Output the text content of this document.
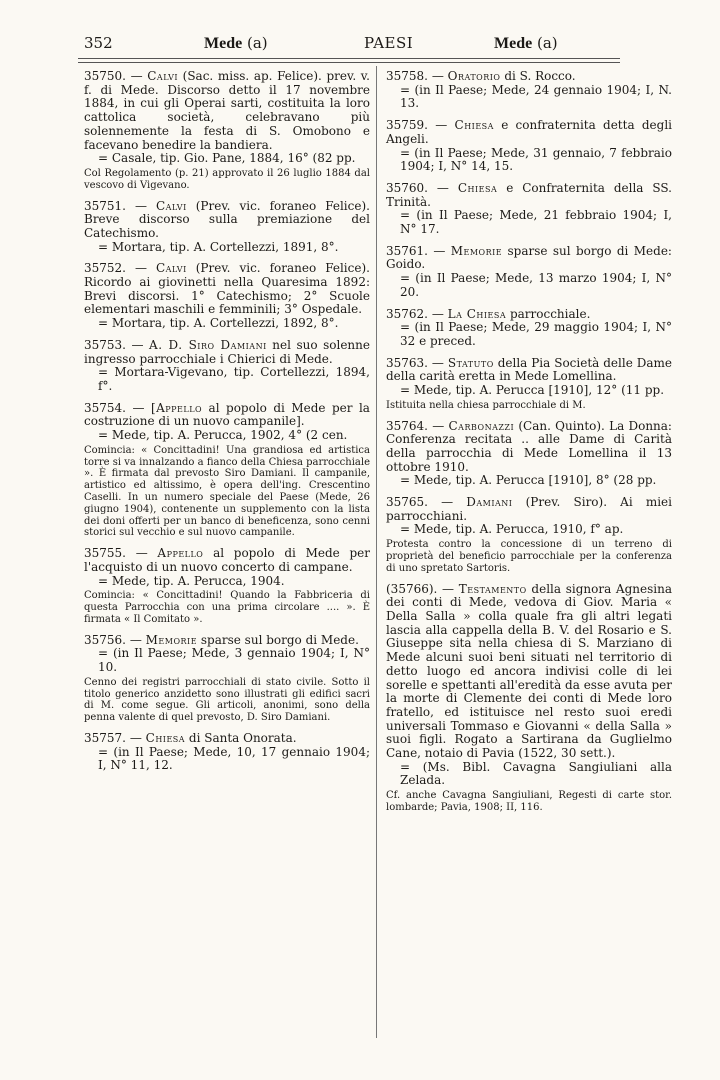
352	Mede (a)	PAESI	Mede (a)

35750. — Calvi (Sac. miss. ap. Felice). prev. v. f. di Mede. Discorso detto il 17 novembre 1884, in cui gli Operai sarti, costituita la loro cattolica società, celebravano più solennemente la festa di S. Omobono e facevano benedire la bandiera.

= Casale, tip. Gio. Pane, 1884, 16° (82 pp.

Col Regolamento (p. 21) approvato il 26 luglio 1884 dal vescovo di Vigevano.

35751. — Calvi (Prev. vic. foraneo Felice). Breve discorso sulla premiazione del Catechismo.

= Mortara, tip. A. Cortellezzi, 1891, 8°.

35752. — Calvi (Prev. vic. foraneo Felice). Ricordo ai giovinetti nella Quaresima 1892: Brevi discorsi. 1° Catechismo; 2° Scuole elementari maschili e femminili; 3° Ospedale.

= Mortara, tip. A. Cortellezzi, 1892, 8°.

35753. — A. D. Siro Damiani nel suo solenne ingresso parrocchiale i Chierici di Mede.

= Mortara-Vigevano, tip. Cortellezzi, 1894, f°.

35754. — [Appello al popolo di Mede per la costruzione di un nuovo campanile].

= Mede, tip. A. Perucca, 1902, 4° (2 cen.

Comincia: « Concittadini! Una grandiosa ed artistica torre si va innalzando a fianco della Chiesa parrocchiale ». È firmata dal prevosto Siro Damiani. Il campanile, artistico ed altissimo, è opera dell'ing. Crescentino Caselli. In un numero speciale del Paese (Mede, 26 giugno 1904), contenente un supplemento con la lista dei doni offerti per un banco di beneficenza, sono cenni storici sul vecchio e sul nuovo campanile.

35755. — Appello al popolo di Mede per l'acquisto di un nuovo concerto di campane.

= Mede, tip. A. Perucca, 1904.

Comincia: « Concittadini! Quando la Fabbriceria di questa Parrocchia con una prima circolare .... ». È firmata « Il Comitato ».

35756. — Memorie sparse sul borgo di Mede.

= (in Il Paese; Mede, 3 gennaio 1904; I, N° 10.

Cenno dei registri parrocchiali di stato civile. Sotto il titolo generico anzidetto sono illustrati gli edifici sacri di M. come segue. Gli articoli, anonimi, sono della penna valente di quel prevosto, D. Siro Damiani.

35757. — Chiesa di Santa Onorata.

= (in Il Paese; Mede, 10, 17 gennaio 1904; I, N° 11, 12.

35758. — Oratorio di S. Rocco.

= (in Il Paese; Mede, 24 gennaio 1904; I, N. 13.

35759. — Chiesa e confraternita detta degli Angeli.

= (in Il Paese; Mede, 31 gennaio, 7 febbraio 1904; I, N° 14, 15.

35760. — Chiesa e Confraternita della SS. Trinità.

= (in Il Paese; Mede, 21 febbraio 1904; I, N° 17.

35761. — Memorie sparse sul borgo di Mede: Goido.

= (in Il Paese; Mede, 13 marzo 1904; I, N° 20.

35762. — La Chiesa parrocchiale.

= (in Il Paese; Mede, 29 maggio 1904; I, N° 32 e preced.

35763. — Statuto della Pia Società delle Dame della carità eretta in Mede Lomellina.

= Mede, tip. A. Perucca [1910], 12° (11 pp.

Istituita nella chiesa parrocchiale di M.

35764. — Carbonazzi (Can. Quinto). La Donna: Conferenza recitata .. alle Dame di Carità della parrocchia di Mede Lomellina il 13 ottobre 1910.

= Mede, tip. A. Perucca [1910], 8° (28 pp.

35765. — Damiani (Prev. Siro). Ai miei parrocchiani.

= Mede, tip. A. Perucca, 1910, f° ap.

Protesta contro la concessione di un terreno di proprietà del beneficio parrocchiale per la conferenza di uno spretato Sartoris.

(35766). — Testamento della signora Agnesina dei conti di Mede, vedova di Giov. Maria « Della Salla » colla quale fra gli altri legati lascia alla cappella della B. V. del Rosario e S. Giuseppe sita nella chiesa di S. Marziano di Mede alcuni suoi beni situati nel territorio di detto luogo ed ancora indivisi colle di lei sorelle e spettanti all'eredità da esse avuta per la morte di Clemente dei conti di Mede loro fratello, ed istituisce nel resto suoi eredi universali Tommaso e Giovanni « della Salla » suoi figli. Rogato a Sartirana da Guglielmo Cane, notaio di Pavia (1522, 30 sett.).

= (Ms. Bibl. Cavagna Sangiuliani alla Zelada.

Cf. anche Cavagna Sangiuliani, Regesti di carte stor. lombarde; Pavia, 1908; II, 116.
